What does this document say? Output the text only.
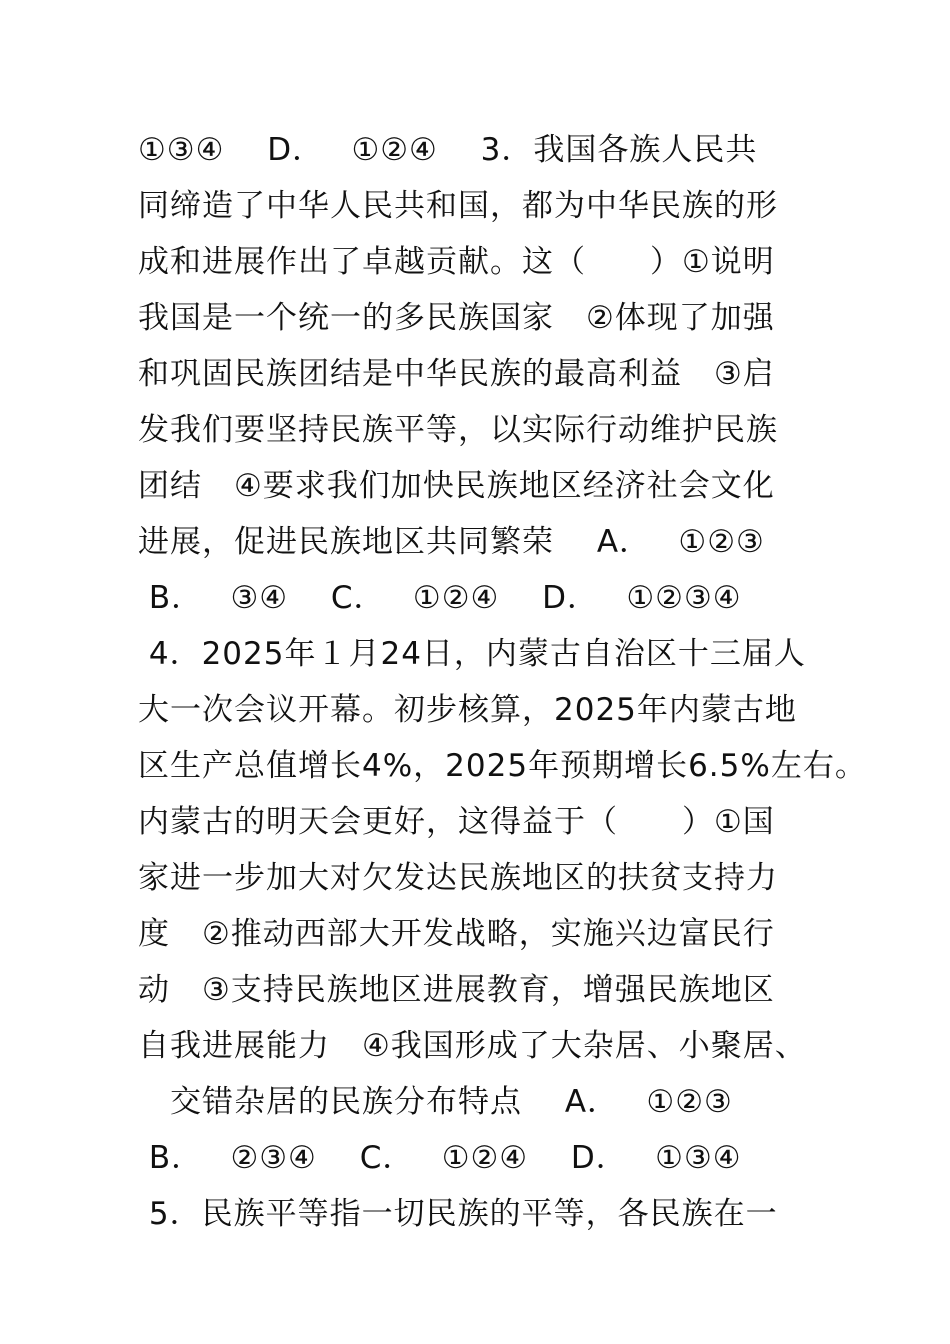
①③④　 D．　 ①②④　 3．我国各族人民共
同缔造了中华人民共和国，都为中华民族的形
成和进展作出了卓越贡献。这（　　）①说明
我国是一个统一的多民族国家　②体现了加强
和巩固民族团结是中华民族的最高利益　③启
发我们要坚持民族平等，以实际行动维护民族
团结　④要求我们加快民族地区经济社会文化
进展，促进民族地区共同繁荣　 A．　 ①②③
B．　 ③④　 C．　 ①②④　 D．　 ①②③④
4．2025年１月24日，内蒙古自治区十三届人
大一次会议开幕。初步核算，2025年内蒙古地
区生产总值增长4%，2025年预期增长6.5%左右。
内蒙古的明天会更好，这得益于（　　）①国
家进一步加大对欠发达民族地区的扶贫支持力
度　②推动西部大开发战略，实施兴边富民行
动　③支持民族地区进展教育，增强民族地区
自我进展能力　④我国形成了大杂居、小聚居、
　交错杂居的民族分布特点　 A．　 ①②③
B．　 ②③④　 C．　 ①②④　 D．　 ①③④
5．民族平等指一切民族的平等，各民族在一
